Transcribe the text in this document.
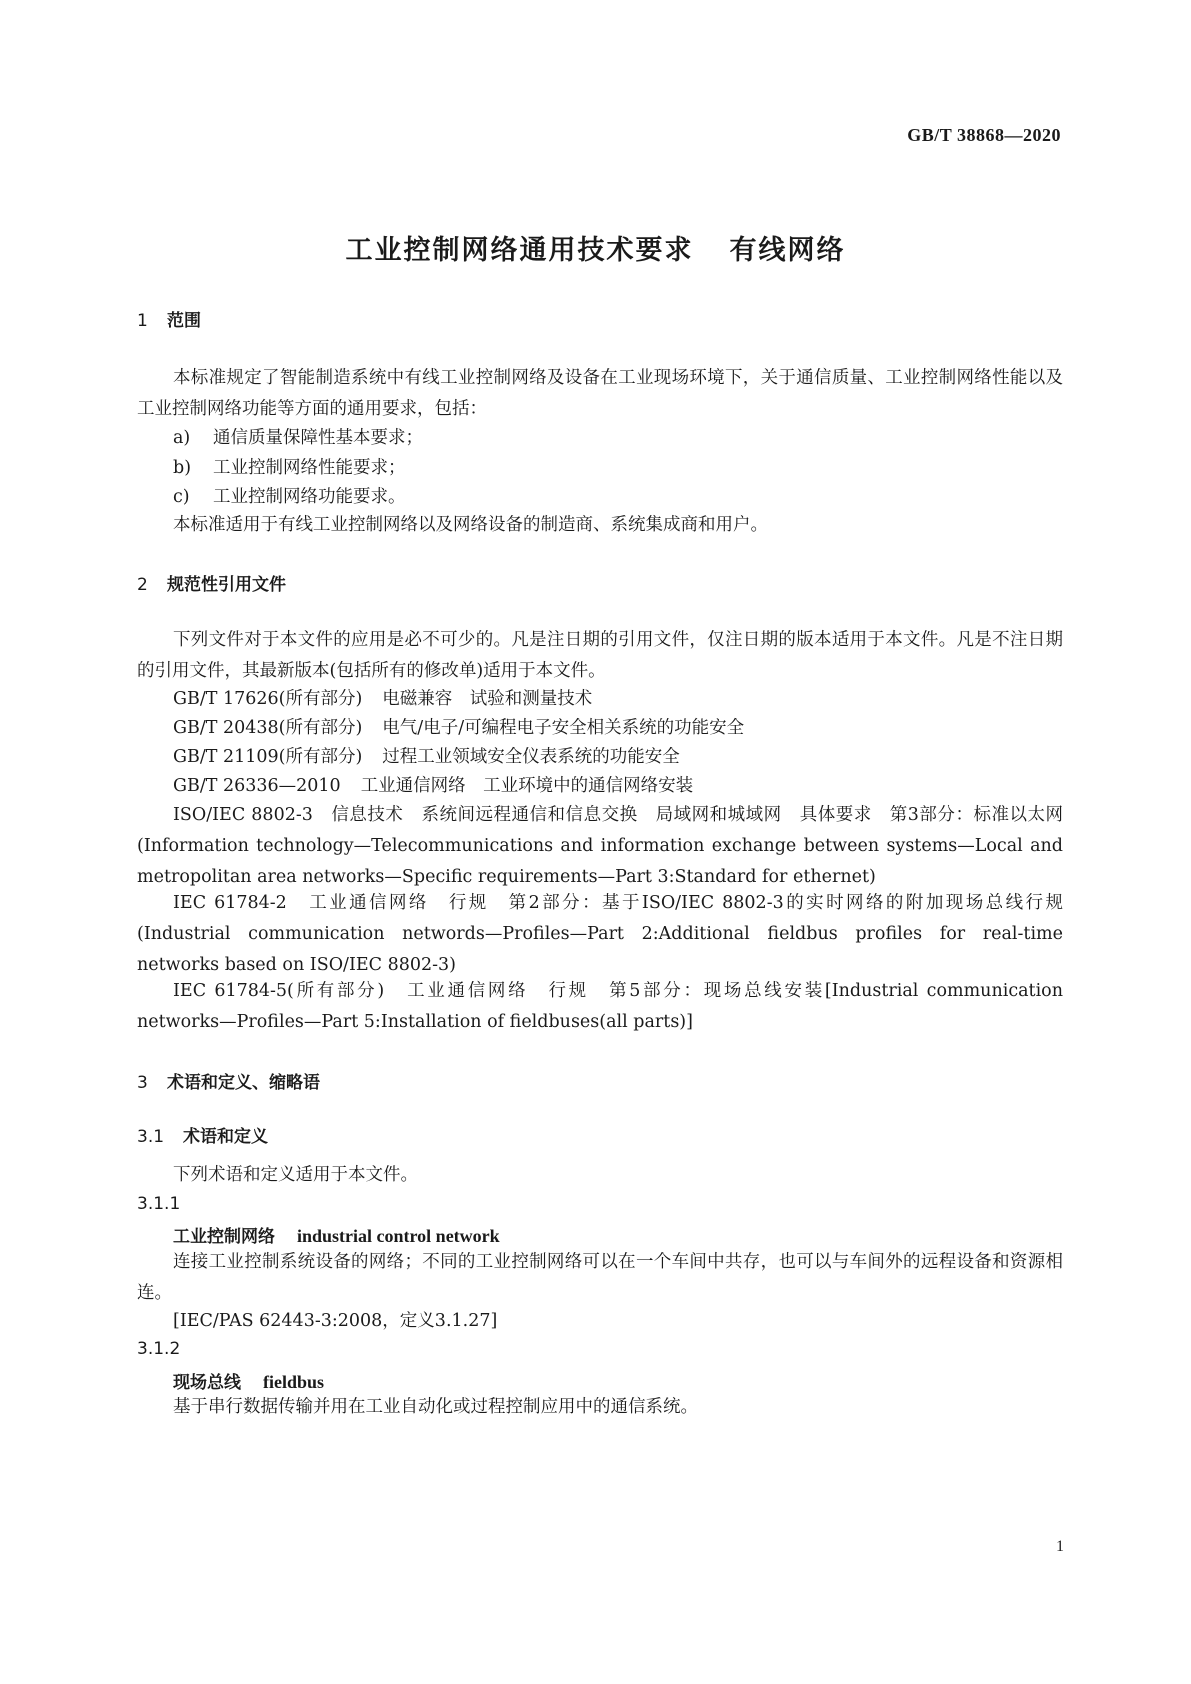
GB/T 38868—2020
工业控制网络通用技术要求 有线网络
1 范围
本标准规定了智能制造系统中有线工业控制网络及设备在工业现场环境下，关于通信质量、工业控制网络性能以及工业控制网络功能等方面的通用要求，包括：
a) 通信质量保障性基本要求；
b) 工业控制网络性能要求；
c) 工业控制网络功能要求。
本标准适用于有线工业控制网络以及网络设备的制造商、系统集成商和用户。
2 规范性引用文件
下列文件对于本文件的应用是必不可少的。凡是注日期的引用文件，仅注日期的版本适用于本文件。凡是不注日期的引用文件，其最新版本(包括所有的修改单)适用于本文件。
GB/T 17626(所有部分) 电磁兼容　试验和测量技术
GB/T 20438(所有部分) 电气/电子/可编程电子安全相关系统的功能安全
GB/T 21109(所有部分) 过程工业领域安全仪表系统的功能安全
GB/T 26336—2010 工业通信网络　工业环境中的通信网络安装
ISO/IEC 8802-3　信息技术　系统间远程通信和信息交换　局域网和城域网　具体要求　第3部分：标准以太网(Information technology—Telecommunications and information exchange between systems—Local and metropolitan area networks—Specific requirements—Part 3:Standard for ethernet)
IEC 61784-2　工业通信网络　行规　第2部分：基于ISO/IEC 8802-3的实时网络的附加现场总线行规(Industrial communication networds—Profiles—Part 2:Additional fieldbus profiles for real-time networks based on ISO/IEC 8802-3)
IEC 61784-5(所有部分)　工业通信网络　行规　第5部分：现场总线安装[Industrial communication networks—Profiles—Part 5:Installation of fieldbuses(all parts)]
3 术语和定义、缩略语
3.1 术语和定义
下列术语和定义适用于本文件。
3.1.1
工业控制网络 industrial control network
连接工业控制系统设备的网络；不同的工业控制网络可以在一个车间中共存，也可以与车间外的远程设备和资源相连。
[IEC/PAS 62443-3:2008，定义3.1.27]
3.1.2
现场总线 fieldbus
基于串行数据传输并用在工业自动化或过程控制应用中的通信系统。
1
